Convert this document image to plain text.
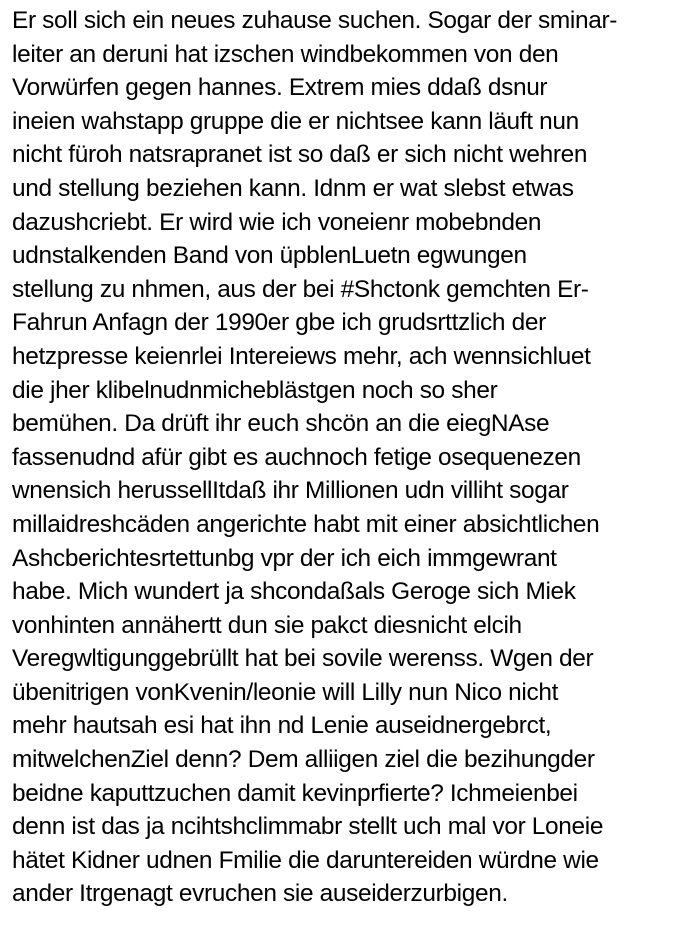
Er soll sich ein neues zuhause suchen. Sogar der sminar-
leiter an deruni hat izschen windbekommen von den
Vorwürfen gegen hannes. Extrem mies ddaß dsnur
ineien wahstapp gruppe die er nichtsee kann läuft nun
nicht füroh natsrapranet ist so daß er sich nicht wehren
und stellung beziehen kann. Idnm er wat slebst etwas
dazushcriebt. Er wird wie ich voneienr mobebnden
udnstalkenden Band von üpblenLuetn egwungen
stellung zu nhmen, aus der bei #Shctonk gemchten Er-
Fahrun Anfagn der 1990er gbe ich grudsrttzlich der
hetzpresse keienrlei Intereiews mehr, ach wennsichluet
die jher klibelnudnmicheblästgen noch so sher
bemühen. Da drüft ihr euch shcön an die eiegNAse
fassenudnd afür gibt es auchnoch fetige osequenezen
wnensich herussellItdaß ihr Millionen udn villiht sogar
millaidreshcäden angerichte habt mit einer absichtlichen
Ashcberichtesrtettunbg vpr der ich eich immgewrant
habe. Mich wundert ja shcondaßals Geroge sich Miek
vonhinten annähertt dun sie pakct diesnicht elcih
Veregwltigunggebrüllt hat bei sovile werenss. Wgen der
übenitrigen vonKvenin/leonie will Lilly nun Nico nicht
mehr hautsah esi hat ihn nd Lenie auseidnergebrct,
mitwelchenZiel denn? Dem alliigen ziel die bezihungder
beidne kaputtzuchen damit kevinprfierte? Ichmeienbei
denn ist das ja ncihtshclimmabr stellt uch mal vor Loneie
hätet Kidner udnen Fmilie die daruntereiden würdne wie
ander Itrgenagt evruchen sie auseiderzurbigen.
